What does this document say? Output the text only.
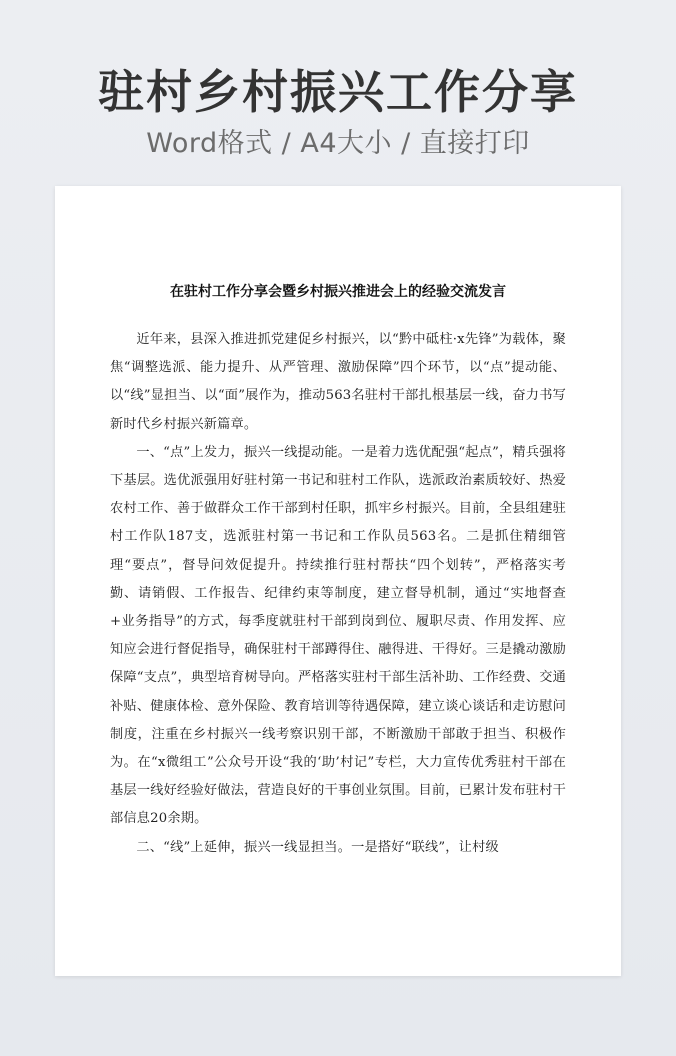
驻村乡村振兴工作分享
Word格式 / A4大小 / 直接打印
在驻村工作分享会暨乡村振兴推进会上的经验交流发言

近年来，县深入推进抓党建促乡村振兴，以“黔中砥柱·x先锋”为载体，聚焦“调整选派、能力提升、从严管理、激励保障”四个环节，以“点”提动能、以“线”显担当、以“面”展作为，推动563名驻村干部扎根基层一线，奋力书写新时代乡村振兴新篇章。

一、“点”上发力，振兴一线提动能。一是着力选优配强“起点”，精兵强将下基层。选优派强用好驻村第一书记和驻村工作队，选派政治素质较好、热爱农村工作、善于做群众工作干部到村任职，抓牢乡村振兴。目前，全县组建驻村工作队187支，选派驻村第一书记和工作队员563名。二是抓住精细管理“要点”，督导问效促提升。持续推行驻村帮扶“四个划转”，严格落实考勤、请销假、工作报告、纪律约束等制度，建立督导机制，通过“实地督查+业务指导”的方式，每季度就驻村干部到岗到位、履职尽责、作用发挥、应知应会进行督促指导，确保驻村干部蹲得住、融得进、干得好。三是撬动激励保障“支点”，典型培育树导向。严格落实驻村干部生活补助、工作经费、交通补贴、健康体检、意外保险、教育培训等待遇保障，建立谈心谈话和走访慰问制度，注重在乡村振兴一线考察识别干部，不断激励干部敢于担当、积极作为。在“x微组工”公众号开设“我的‘助’村记”专栏，大力宣传优秀驻村干部在基层一线好经验好做法，营造良好的干事创业氛围。目前，已累计发布驻村干部信息20余期。

二、“线”上延伸，振兴一线显担当。一是搭好“联线”，让村级
